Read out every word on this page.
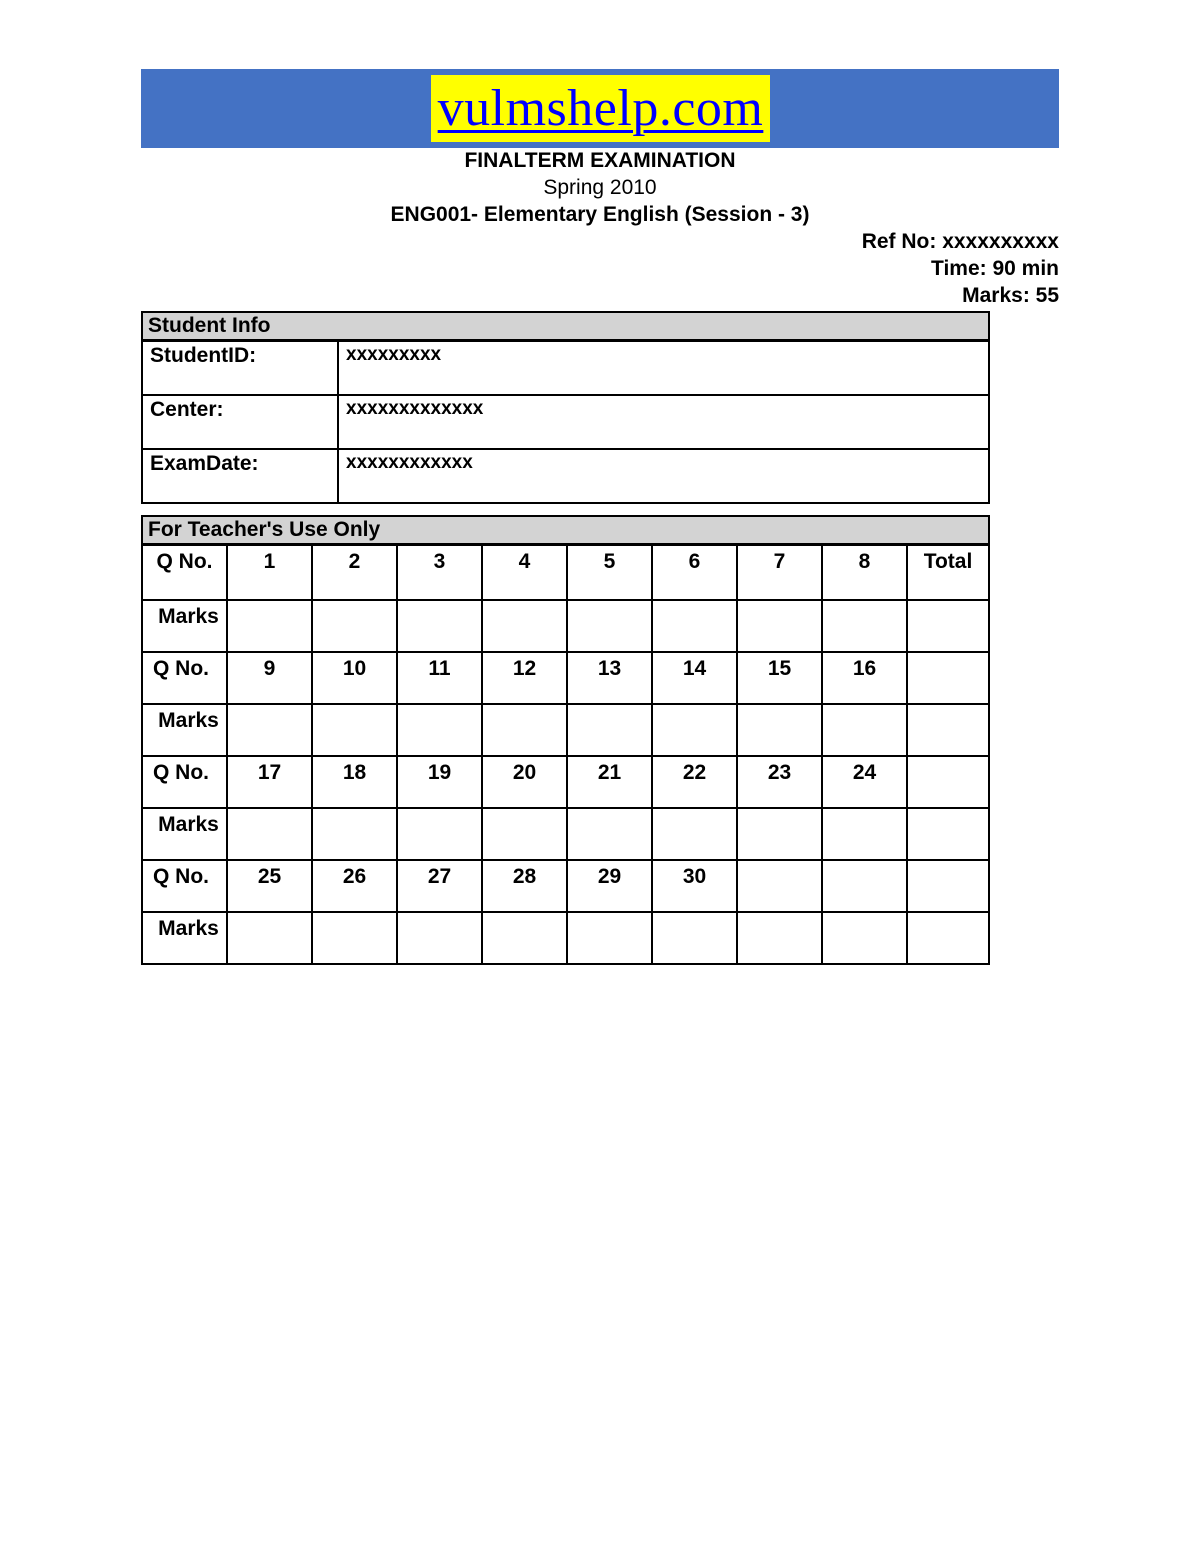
vulmshelp.com
FINALTERM EXAMINATION
Spring 2010
ENG001- Elementary English (Session - 3)
Ref No: xxxxxxxxxx
Time: 90 min
Marks: 55
Student Info	
StudentID:	xxxxxxxxx
Center:	xxxxxxxxxxxxx
ExamDate:	xxxxxxxxxxxx
For Teacher's Use Only									
Q No.	1	2	3	4	5	6	7	8	Total
Marks									
Q No.	9	10	11	12	13	14	15	16	
Marks									
Q No.	17	18	19	20	21	22	23	24	
Marks									
Q No.	25	26	27	28	29	30			
Marks									
